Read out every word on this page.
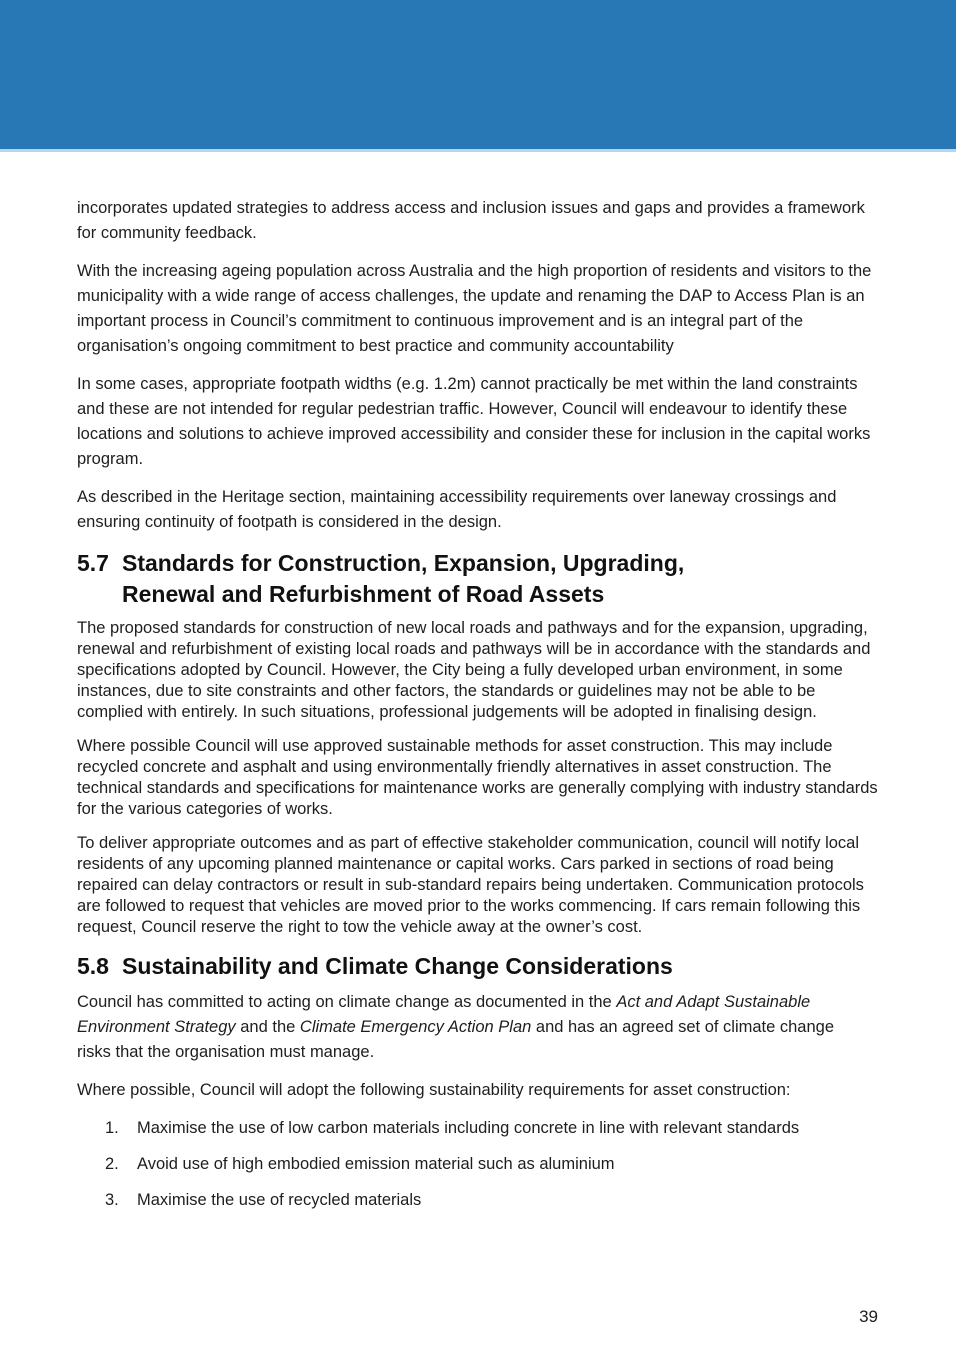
incorporates updated strategies to address access and inclusion issues and gaps and provides a framework for community feedback.

With the increasing ageing population across Australia and the high proportion of residents and visitors to the municipality with a wide range of access challenges, the update and renaming the DAP to Access Plan is an important process in Council’s commitment to continuous improvement and is an integral part of the organisation’s ongoing commitment to best practice and community accountability

In some cases, appropriate footpath widths (e.g. 1.2m) cannot practically be met within the land constraints and these are not intended for regular pedestrian traffic. However, Council will endeavour to identify these locations and solutions to achieve improved accessibility and consider these for inclusion in the capital works program.

As described in the Heritage section, maintaining accessibility requirements over laneway crossings and ensuring continuity of footpath is considered in the design.

5.7 Standards for Construction, Expansion, Upgrading,
Renewal and Refurbishment of Road Assets

The proposed standards for construction of new local roads and pathways and for the expansion, upgrading, renewal and refurbishment of existing local roads and pathways will be in accordance with the standards and specifications adopted by Council. However, the City being a fully developed urban environment, in some instances, due to site constraints and other factors, the standards or guidelines may not be able to be complied with entirely. In such situations, professional judgements will be adopted in finalising design.

Where possible Council will use approved sustainable methods for asset construction. This may include recycled concrete and asphalt and using environmentally friendly alternatives in asset construction. The technical standards and specifications for maintenance works are generally complying with industry standards for the various categories of works.

To deliver appropriate outcomes and as part of effective stakeholder communication, council will notify local residents of any upcoming planned maintenance or capital works. Cars parked in sections of road being repaired can delay contractors or result in sub-standard repairs being undertaken. Communication protocols are followed to request that vehicles are moved prior to the works commencing. If cars remain following this request, Council reserve the right to tow the vehicle away at the owner’s cost.

5.8 Sustainability and Climate Change Considerations

Council has committed to acting on climate change as documented in the Act and Adapt Sustainable Environment Strategy and the Climate Emergency Action Plan and has an agreed set of climate change risks that the organisation must manage.

Where possible, Council will adopt the following sustainability requirements for asset construction:

1.	Maximise the use of low carbon materials including concrete in line with relevant standards
2.	Avoid use of high embodied emission material such as aluminium
3.	Maximise the use of recycled materials
39
